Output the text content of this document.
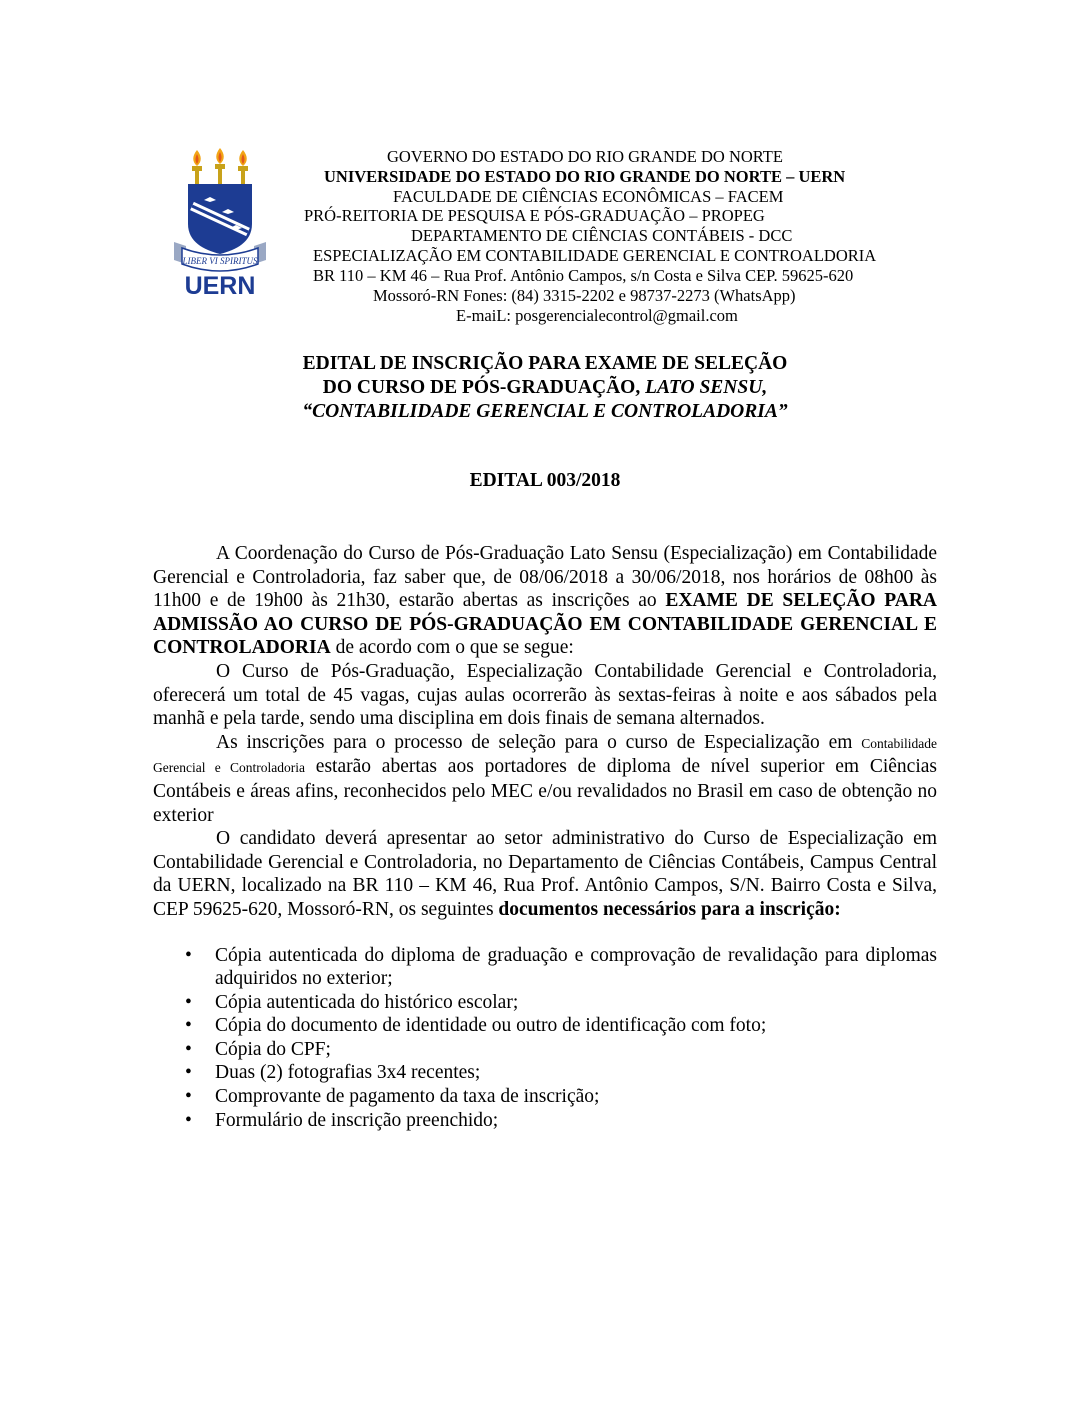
LIBER VI SPIRITUS
UERN
GOVERNO DO ESTADO DO RIO GRANDE DO NORTE
UNIVERSIDADE DO ESTADO DO RIO GRANDE DO NORTE – UERN
FACULDADE DE CIÊNCIAS ECONÔMICAS – FACEM
PRÓ-REITORIA DE PESQUISA E PÓS-GRADUAÇÃO – PROPEG
DEPARTAMENTO DE CIÊNCIAS CONTÁBEIS - DCC
ESPECIALIZAÇÃO EM CONTABILIDADE GERENCIAL E CONTROALDORIA
BR 110 – KM 46 – Rua Prof. Antônio Campos, s/n Costa e Silva CEP. 59625-620
Mossoró-RN Fones: (84) 3315-2202 e 98737-2273 (WhatsApp)
E-maiL: posgerencialecontrol@gmail.com
EDITAL DE INSCRIÇÃO PARA EXAME DE SELEÇÃO
DO CURSO DE PÓS-GRADUAÇÃO, LATO SENSU,
“CONTABILIDADE GERENCIAL E CONTROLADORIA”
EDITAL 003/2018

A Coordenação do Curso de Pós-Graduação Lato Sensu (Especialização) em Contabilidade Gerencial e Controladoria, faz saber que, de 08/06/2018 a 30/06/2018, nos horários de 08h00 às 11h00 e de 19h00 às 21h30, estarão abertas as inscrições ao EXAME DE SELEÇÃO PARA ADMISSÃO AO CURSO DE PÓS-GRADUAÇÃO EM CONTABILIDADE GERENCIAL E CONTROLADORIA de acordo com o que se segue:

O Curso de Pós-Graduação, Especialização Contabilidade Gerencial e Controladoria, oferecerá um total de 45 vagas, cujas aulas ocorrerão às sextas-feiras à noite e aos sábados pela manhã e pela tarde, sendo uma disciplina em dois finais de semana alternados.

As inscrições para o processo de seleção para o curso de Especialização em Contabilidade Gerencial e Controladoria estarão abertas aos portadores de diploma de nível superior em Ciências Contábeis e áreas afins, reconhecidos pelo MEC e/ou revalidados no Brasil em caso de obtenção no exterior

O candidato deverá apresentar ao setor administrativo do Curso de Especialização em Contabilidade Gerencial e Controladoria, no Departamento de Ciências Contábeis, Campus Central da UERN, localizado na BR 110 – KM 46, Rua Prof. Antônio Campos, S/N. Bairro Costa e Silva, CEP 59625-620, Mossoró-RN, os seguintes documentos necessários para a inscrição:

• Cópia autenticada do diploma de graduação e comprovação de revalidação para diplomas adquiridos no exterior;
• Cópia autenticada do histórico escolar;
• Cópia do documento de identidade ou outro de identificação com foto;
• Cópia do CPF;
• Duas (2) fotografias 3x4 recentes;
• Comprovante de pagamento da taxa de inscrição;
• Formulário de inscrição preenchido;
